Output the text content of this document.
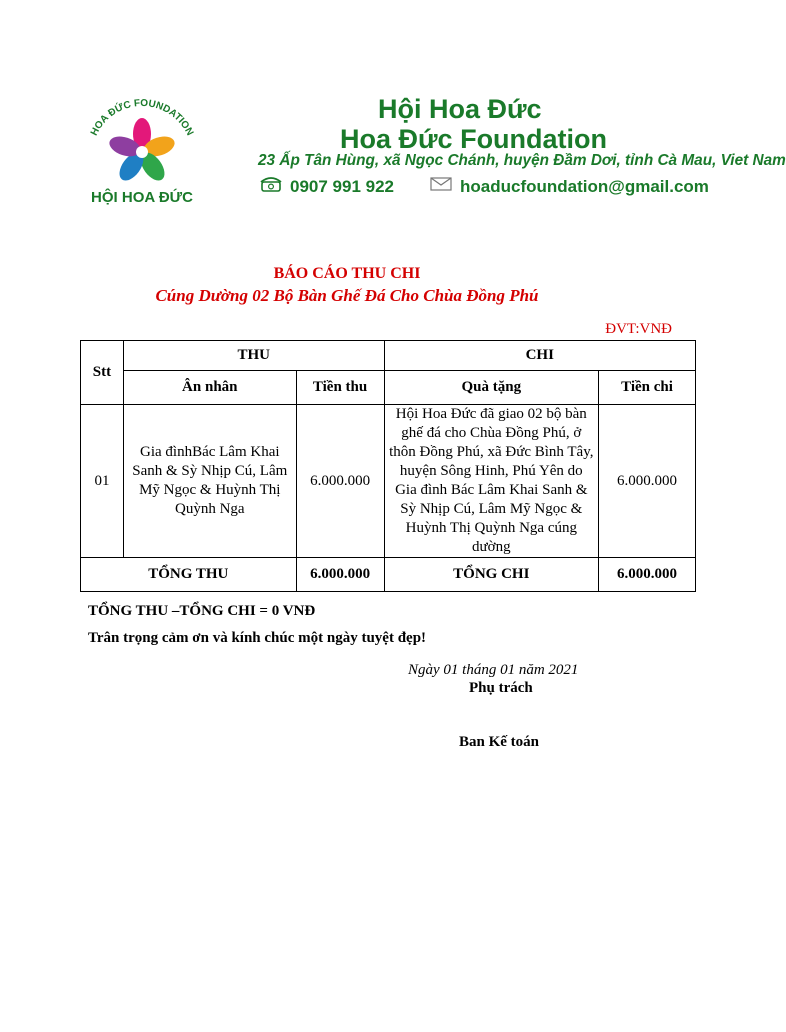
HOA ĐỨC FOUNDATION
HỘI HOA ĐỨC
Hội Hoa Đức
Hoa Đức Foundation
23 Ấp Tân Hùng, xã Ngọc Chánh, huyện Đầm Dơi, tỉnh Cà Mau, Viet Nam
0907 991 922	hoaducfoundation@gmail.com
BÁO CÁO THU CHI
Cúng Dường 02 Bộ Bàn Ghế Đá Cho Chùa Đồng Phú
ĐVT:VNĐ
Stt	THU		CHI	
	Ân nhân	Tiền thu	Quà tặng	Tiền chi
01	Gia đìnhBác Lâm Khai Sanh & Sỳ Nhịp Cú, Lâm Mỹ Ngọc & Huỳnh Thị Quỳnh Nga	6.000.000	Hội Hoa Đức đã giao 02 bộ bàn ghế đá cho Chùa Đồng Phú, ở thôn Đồng Phú, xã Đức Bình Tây, huyện Sông Hinh, Phú Yên do Gia đình Bác Lâm Khai Sanh & Sỳ Nhịp Cú, Lâm Mỹ Ngọc & Huỳnh Thị Quỳnh Nga cúng dường	6.000.000
TỔNG THU		6.000.000	TỔNG CHI	6.000.000
TỔNG THU –TỔNG CHI = 0 VNĐ
Trân trọng cảm ơn và kính chúc một ngày tuyệt đẹp!
Ngày 01 tháng 01 năm 2021
Phụ trách
Ban Kế toán
